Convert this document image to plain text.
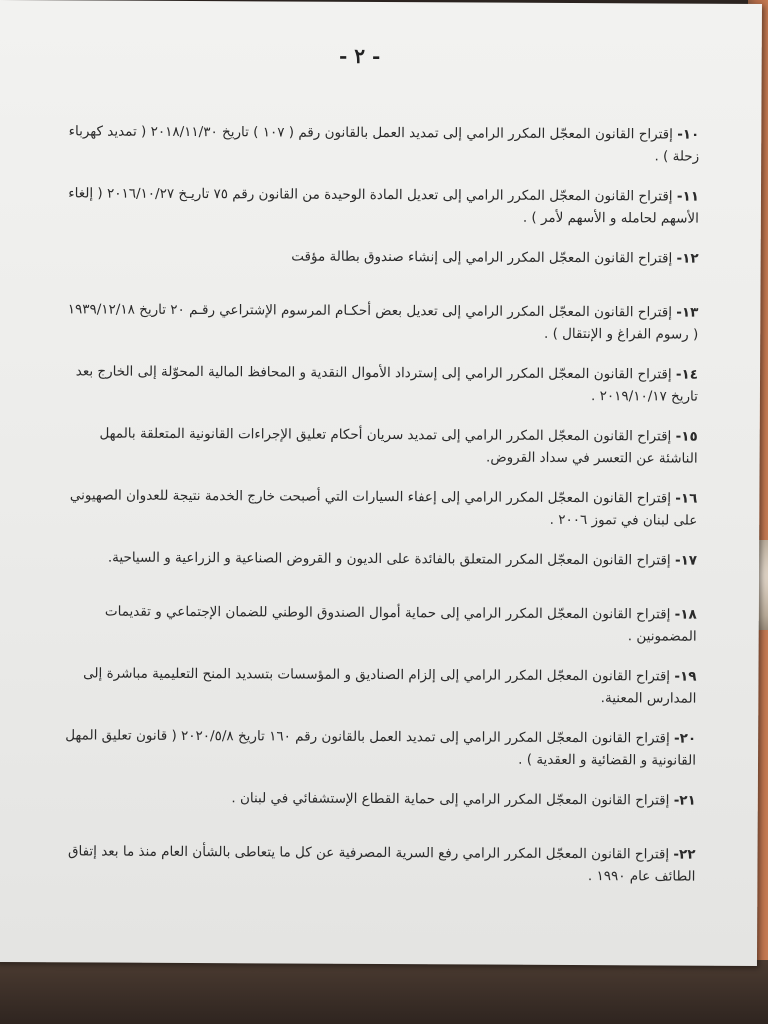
- ٢ -
١٠- إقتراح القانون المعجّل المكرر الرامي إلى تمديد العمل بالقانون رقم ( ١٠٧ ) تاريخ ٢٠١٨/١١/٣٠ ( تمديد كهرباء زحلة ) .
١١- إقتراح القانون المعجّل المكرر الرامي إلى تعديل المادة الوحيدة من القانون رقم ٧٥ تاريـخ ٢٠١٦/١٠/٢٧ ( إلغاء الأسهم لحامله و الأسهم لأمر ) .
١٢- إقتراح القانون المعجّل المكرر الرامي إلى إنشاء صندوق بطالة مؤقت
١٣- إقتراح القانون المعجّل المكرر الرامي إلى تعديل بعض أحكـام المرسوم الإشتراعي رقـم ٢٠ تاريخ ١٩٣٩/١٢/١٨ ( رسوم الفراغ و الإنتقال ) .
١٤- إقتراح القانون المعجّل المكرر الرامي إلى إسترداد الأموال النقدية و المحافظ المالية المحوّلة إلى الخارج بعد تاريخ ٢٠١٩/١٠/١٧ .
١٥- إقتراح القانون المعجّل المكرر الرامي إلى تمديد سريان أحكام تعليق الإجراءات القانونية المتعلقة بالمهل الناشئة عن التعسر في سداد القروض.
١٦- إقتراح القانون المعجّل المكرر الرامي إلى إعفاء السيارات التي أصبحت خارج الخدمة نتيجة للعدوان الصهيوني على لبنان في تموز ٢٠٠٦ .
١٧- إقتراح القانون المعجّل المكرر المتعلق بالفائدة على الديون و القروض الصناعية و الزراعية و السياحية.
١٨- إقتراح القانون المعجّل المكرر الرامي إلى حماية أموال الصندوق الوطني للضمان الإجتماعي و تقديمات المضمونين .
١٩- إقتراح القانون المعجّل المكرر الرامي إلى إلزام الصناديق و المؤسسات بتسديد المنح التعليمية مباشرة إلى المدارس المعنية.
٢٠- إقتراح القانون المعجّل المكرر الرامي إلى تمديد العمل بالقانون رقم ١٦٠ تاريخ ٢٠٢٠/٥/٨ ( قانون تعليق المهل القانونية و القضائية و العقدية ) .
٢١- إقتراح القانون المعجّل المكرر الرامي إلى حماية القطاع الإستشفائي في لبنان .
٢٢- إقتراح القانون المعجّل المكرر الرامي رفع السرية المصرفية عن كل ما يتعاطى بالشأن العام منذ ما بعد إتفاق الطائف عام ١٩٩٠ .
